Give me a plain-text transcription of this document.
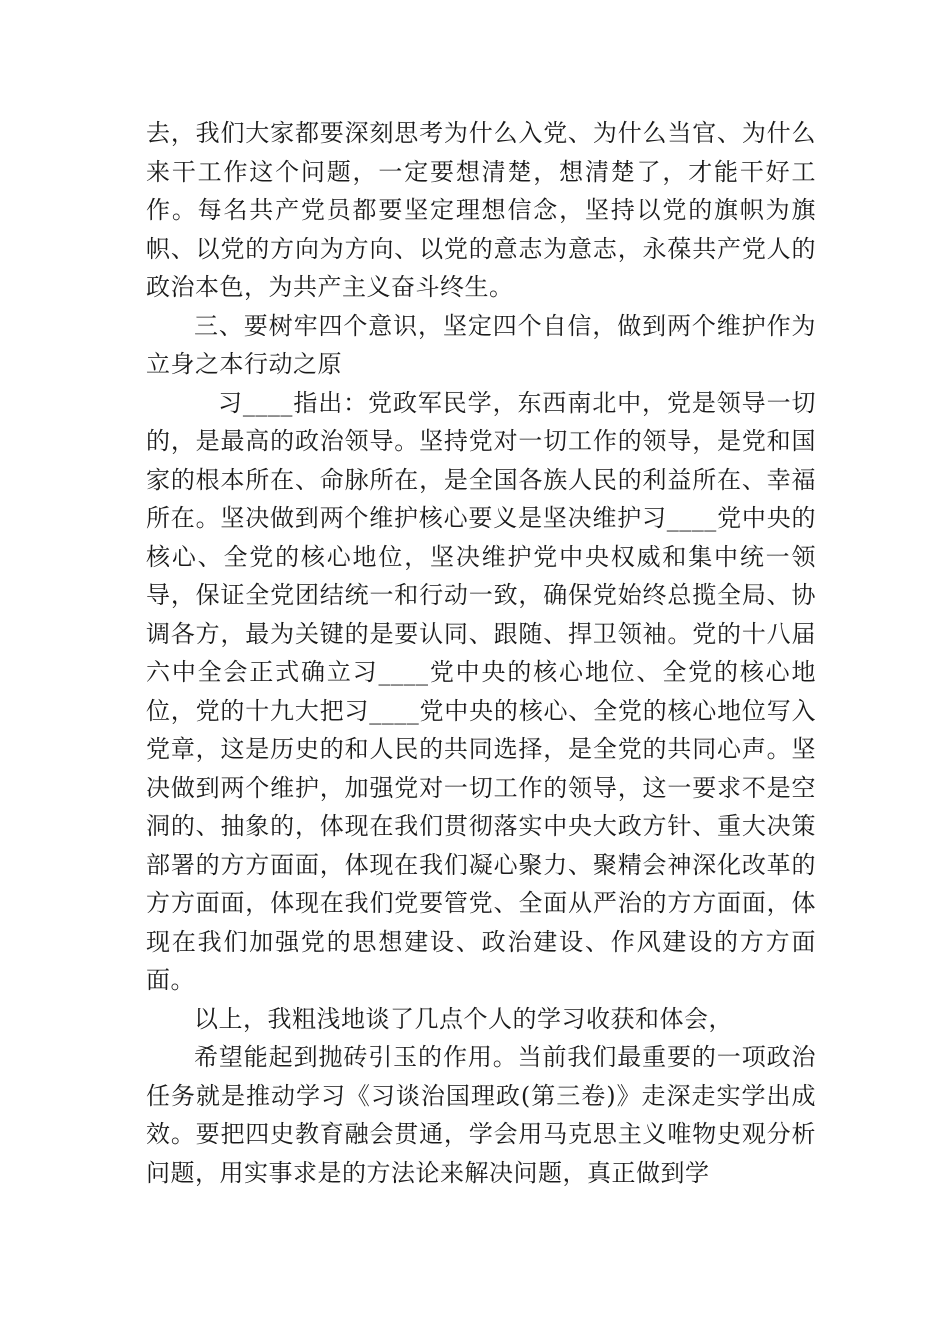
去，我们大家都要深刻思考为什么入党、为什么当官、为什么来干工作这个问题，一定要想清楚，想清楚了，才能干好工作。每名共产党员都要坚定理想信念，坚持以党的旗帜为旗帜、以党的方向为方向、以党的意志为意志，永葆共产党人的政治本色，为共产主义奋斗终生。

三、要树牢四个意识，坚定四个自信，做到两个维护作为立身之本行动之原

习____指出：党政军民学，东西南北中，党是领导一切的，是最高的政治领导。坚持党对一切工作的领导，是党和国家的根本所在、命脉所在，是全国各族人民的利益所在、幸福所在。坚决做到两个维护核心要义是坚决维护习____党中央的核心、全党的核心地位，坚决维护党中央权威和集中统一领导，保证全党团结统一和行动一致，确保党始终总揽全局、协调各方，最为关键的是要认同、跟随、捍卫领袖。党的十八届六中全会正式确立习____党中央的核心地位、全党的核心地位，党的十九大把习____党中央的核心、全党的核心地位写入党章，这是历史的和人民的共同选择，是全党的共同心声。坚决做到两个维护，加强党对一切工作的领导，这一要求不是空洞的、抽象的，体现在我们贯彻落实中央大政方针、重大决策部署的方方面面，体现在我们凝心聚力、聚精会神深化改革的方方面面，体现在我们党要管党、全面从严治的方方面面，体现在我们加强党的思想建设、政治建设、作风建设的方方面面。

以上，我粗浅地谈了几点个人的学习收获和体会，

希望能起到抛砖引玉的作用。当前我们最重要的一项政治任务就是推动学习《习谈治国理政(第三卷)》走深走实学出成效。要把四史教育融会贯通，学会用马克思主义唯物史观分析问题，用实事求是的方法论来解决问题，真正做到学
